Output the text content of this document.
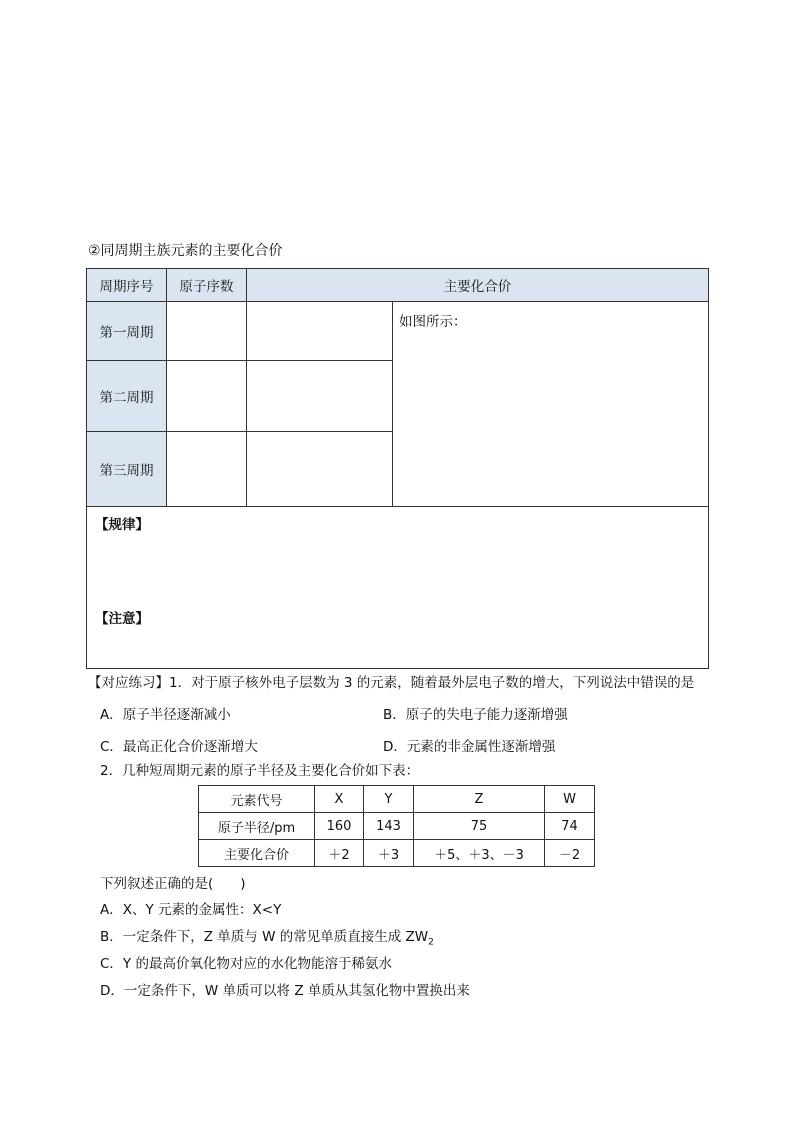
②同周期主族元素的主要化合价
周期序号	原子序数	主要化合价	
第一周期			如图所示：
第二周期			
第三周期			
【规律】
【注意】			
【对应练习】1．对于原子核外电子层数为 3 的元素，随着最外层电子数的增大，下列说法中错误的是
A．原子半径逐渐减小	B．原子的失电子能力逐渐增强
C．最高正化合价逐渐增大	D．元素的非金属性逐渐增强
2．几种短周期元素的原子半径及主要化合价如下表：
元素代号	X	Y	Z	W
原子半径/pm	160	143	75	74
主要化合价	＋2	＋3	＋5、＋3、－3	－2
下列叙述正确的是(　　)
A．X、Y 元素的金属性：X<Y
B．一定条件下，Z 单质与 W 的常见单质直接生成 $ZW_2$
C．Y 的最高价氧化物对应的水化物能溶于稀氨水
D．一定条件下，W 单质可以将 Z 单质从其氢化物中置换出来
